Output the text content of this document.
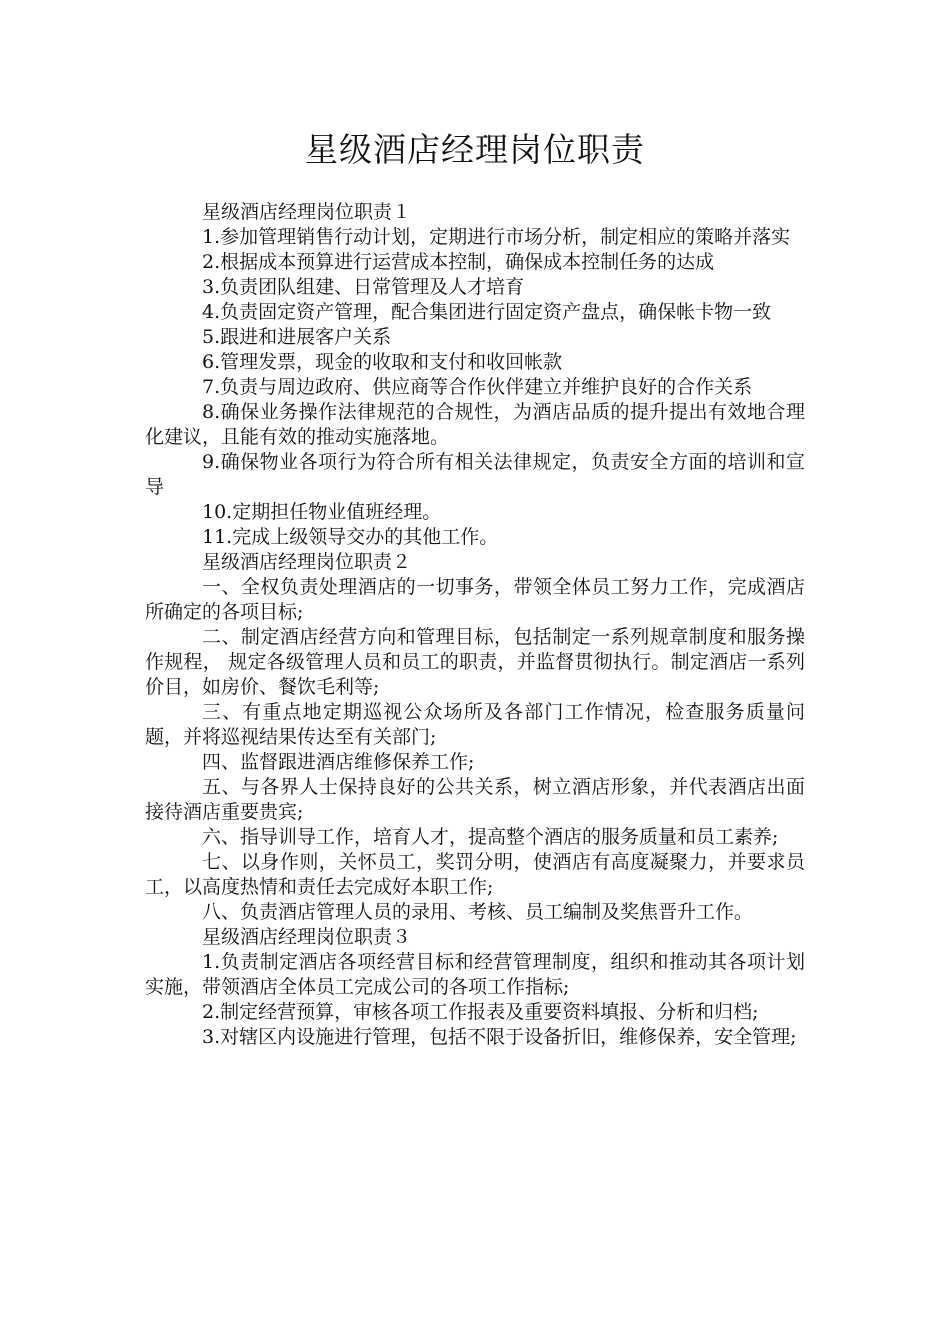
星级酒店经理岗位职责

星级酒店经理岗位职责１

1.参加管理销售行动计划，定期进行市场分析，制定相应的策略并落实

2.根据成本预算进行运营成本控制，确保成本控制任务的达成

3.负责团队组建、日常管理及人才培育

4.负责固定资产管理，配合集团进行固定资产盘点，确保帐卡物一致

5.跟进和进展客户关系

6.管理发票，现金的收取和支付和收回帐款

7.负责与周边政府、供应商等合作伙伴建立并维护良好的合作关系

8.确保业务操作法律规范的合规性，为酒店品质的提升提出有效地合理化建议，且能有效的推动实施落地。

9.确保物业各项行为符合所有相关法律规定，负责安全方面的培训和宣导

10.定期担任物业值班经理。

11.完成上级领导交办的其他工作。

星级酒店经理岗位职责２

一、全权负责处理酒店的一切事务，带领全体员工努力工作，完成酒店所确定的各项目标;

二、制定酒店经营方向和管理目标，包括制定一系列规章制度和服务操作规程， 规定各级管理人员和员工的职责，并监督贯彻执行。制定酒店一系列价目，如房价、餐饮毛利等;

三、有重点地定期巡视公众场所及各部门工作情况，检查服务质量问题，并将巡视结果传达至有关部门;

四、监督跟进酒店维修保养工作;

五、与各界人士保持良好的公共关系，树立酒店形象，并代表酒店出面接待酒店重要贵宾;

六、指导训导工作，培育人才，提高整个酒店的服务质量和员工素养;

七、以身作则，关怀员工，奖罚分明，使酒店有高度凝聚力，并要求员工，以高度热情和责任去完成好本职工作;

八、负责酒店管理人员的录用、考核、员工编制及奖焦晋升工作。

星级酒店经理岗位职责３

1.负责制定酒店各项经营目标和经营管理制度，组织和推动其各项计划实施，带领酒店全体员工完成公司的各项工作指标;

2.制定经营预算，审核各项工作报表及重要资料填报、分析和归档;

3.对辖区内设施进行管理，包括不限于设备折旧，维修保养，安全管理;
